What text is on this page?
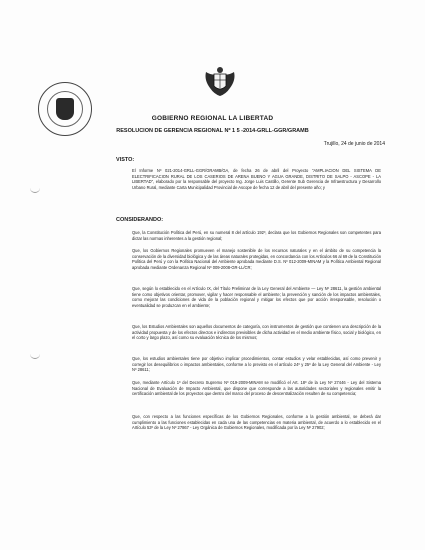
GOBIERNO REGIONAL LA LIBERTAD
RESOLUCION DE GERENCIA REGIONAL Nº 1 5 -2014-GRLL-GGR/GRAMB
Trujillo, 24 de junio de 2014
VISTO:
El Informe Nº 021-2014-GRLL-GGR/GRAMB/GA, de fecha 26 de abril del Proyecto "AMPLIACION DEL SISTEMA DE ELECTRIFICACION RURAL DE LOS CASERIOS DE ARENA BUENO Y AGUA GRANDE, DISTRITO DE SALPO - ASCOPE - LA LIBERTAD", elaborado por la responsable del proyecto Ing. Jorge Luis Castillo, Gerente Sub Gerencia de Infraestructura y Desarrollo Urbano Rural, mediante Carta Municipalidad Provincial de Ascope de fecha 12 de abril del presente año; y
CONSIDERANDO:
Que, la Constitución Política del Perú, en su numeral 8 del artículo 192º, declara que los Gobiernos Regionales son competentes para dictar las normas inherentes a la gestión regional;
Que, los Gobiernos Regionales promueven el manejo sostenible de los recursos naturales y en el ámbito de su competencia la conservación de la diversidad biológica y de las áreas naturales protegidas, en concordancia con los Artículos 66 al 69 de la Constitución Política del Perú y con la Política Nacional del Ambiente aprobada mediante D.S. Nº 012-2009-MINAM y la Política Ambiental Regional aprobada mediante Ordenanza Regional Nº 009-2008-GR-LL/CR;
Que, según lo establecido en el Artículo IX, del Título Preliminar de la Ley General del Ambiente — Ley Nº 28611, la gestión ambiental tiene como objetivos orientar, promover, vigilar y hacer responsable el ambiente; la prevención y sanción de los impactos ambientales, como mejorar las condiciones de vida de la población regional y mitigar los efectos que por acción irresponsable, resolución o eventualidad se produzcan en el ambiente;
Que, los Estudios Ambientales son aquellos documentos de categoría, con instrumentos de gestión que contienen una descripción de la actividad propuesta y de los efectos directos e indirectos previsibles de dicha actividad en el medio ambiente físico, social y biológico, en el corto y largo plazo, así como su evaluación técnica de los mismos;
Que, los estudios ambientales tiene por objetivo implicar procedimientos, contar estudios y velar establecidas, así como prevenir y corregir los desequilibrios o impactos ambientales, conforme a lo previsto en el artículo 24º y 25º de la Ley General del Ambiente - Ley Nº 28611;
Que, mediante Artículo 1º del Decreto Supremo Nº 019-2009-MINAM se modificó el Art. 18º de la Ley Nº 27446 - Ley del Sistema Nacional de Evaluación de Impacto Ambiental, que dispone que corresponde a las autoridades sectoriales y regionales emitir la certificación ambiental de los proyectos que dentro del marco del proceso de descentralización resulten de su competencia;
Que, con respecto a las funciones específicas de los Gobiernos Regionales, conforme a la gestión ambiental, se deberá dar cumplimiento a las funciones establecidas en cada una de las competencias en materia ambiental, de acuerdo a lo establecido en el Artículo 53º de la Ley Nº 27867 - Ley Orgánica de Gobiernos Regionales, modificada por la Ley Nº 27902;
